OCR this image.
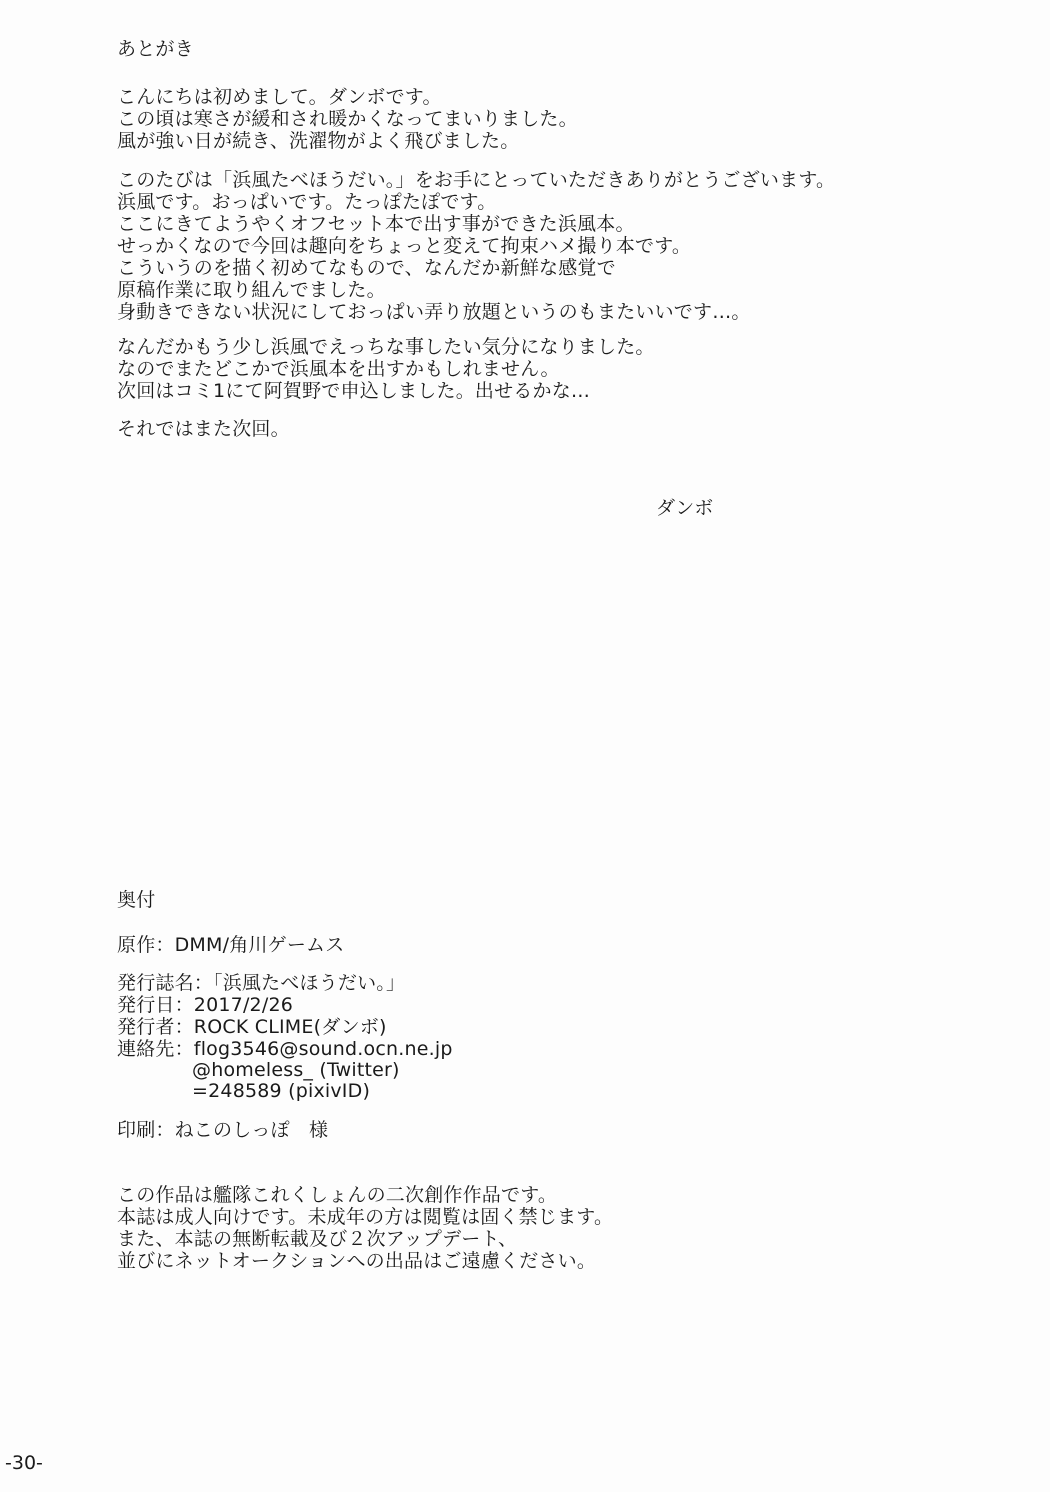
あとがき
こんにちは初めまして。ダンボです。
この頃は寒さが緩和され暖かくなってまいりました。
風が強い日が続き、洗濯物がよく飛びました。
このたびは「浜風たべほうだい。」をお手にとっていただきありがとうございます。
浜風です。おっぱいです。たっぽたぽです。
ここにきてようやくオフセット本で出す事ができた浜風本。
せっかくなので今回は趣向をちょっと変えて拘束ハメ撮り本です。
こういうのを描く初めてなもので、なんだか新鮮な感覚で
原稿作業に取り組んでました。
身動きできない状況にしておっぱい弄り放題というのもまたいいです…。
なんだかもう少し浜風でえっちな事したい気分になりました。
なのでまたどこかで浜風本を出すかもしれません。
次回はコミ1にて阿賀野で申込しました。出せるかな…
それではまた次回。
ダンボ
奥付
原作：DMM/角川ゲームス
発行誌名：「浜風たべほうだい。」
発行日：2017/2/26
発行者：ROCK CLIME(ダンボ)
連絡先：flog3546@sound.ocn.ne.jp
@homeless_ (Twitter)
=248589 (pixivID)
印刷：ねこのしっぽ　様
この作品は艦隊これくしょんの二次創作作品です。
本誌は成人向けです。未成年の方は閲覧は固く禁じます。
また、本誌の無断転載及び２次アップデート、
並びにネットオークションへの出品はご遠慮ください。
-30-
